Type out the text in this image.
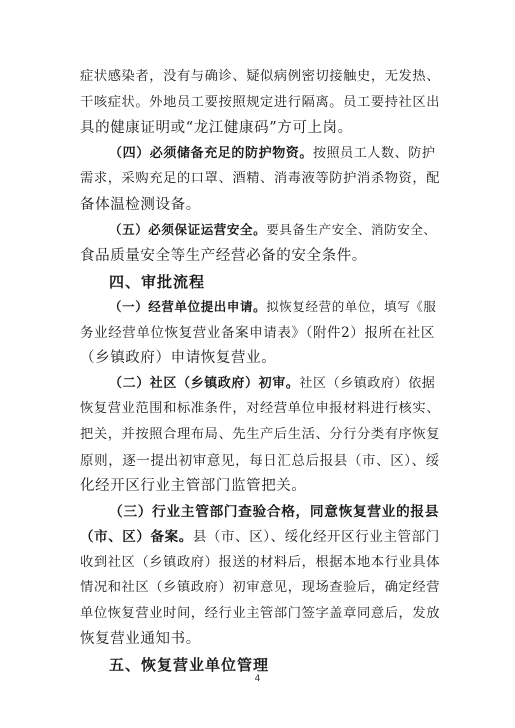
症状感染者，没有与确诊、疑似病例密切接触史，无发热、
干咳症状。外地员工要按照规定进行隔离。员工要持社区出
具的健康证明或“龙江健康码”方可上岗。
（四）必须储备充足的防护物资。按照员工人数、防护
需求，采购充足的口罩、酒精、消毒液等防护消杀物资，配
备体温检测设备。
（五）必须保证运营安全。要具备生产安全、消防安全、
食品质量安全等生产经营必备的安全条件。
四、审批流程
（一）经营单位提出申请。拟恢复经营的单位，填写《服
务业经营单位恢复营业备案申请表》（附件2）报所在社区
（乡镇政府）申请恢复营业。
（二）社区（乡镇政府）初审。社区（乡镇政府）依据
恢复营业范围和标准条件，对经营单位申报材料进行核实、
把关，并按照合理布局、先生产后生活、分行分类有序恢复
原则，逐一提出初审意见，每日汇总后报县（市、区）、绥
化经开区行业主管部门监管把关。
（三）行业主管部门查验合格，同意恢复营业的报县
（市、区）备案。县（市、区）、绥化经开区行业主管部门
收到社区（乡镇政府）报送的材料后，根据本地本行业具体
情况和社区（乡镇政府）初审意见，现场查验后，确定经营
单位恢复营业时间，经行业主管部门签字盖章同意后，发放
恢复营业通知书。
五、恢复营业单位管理
4
